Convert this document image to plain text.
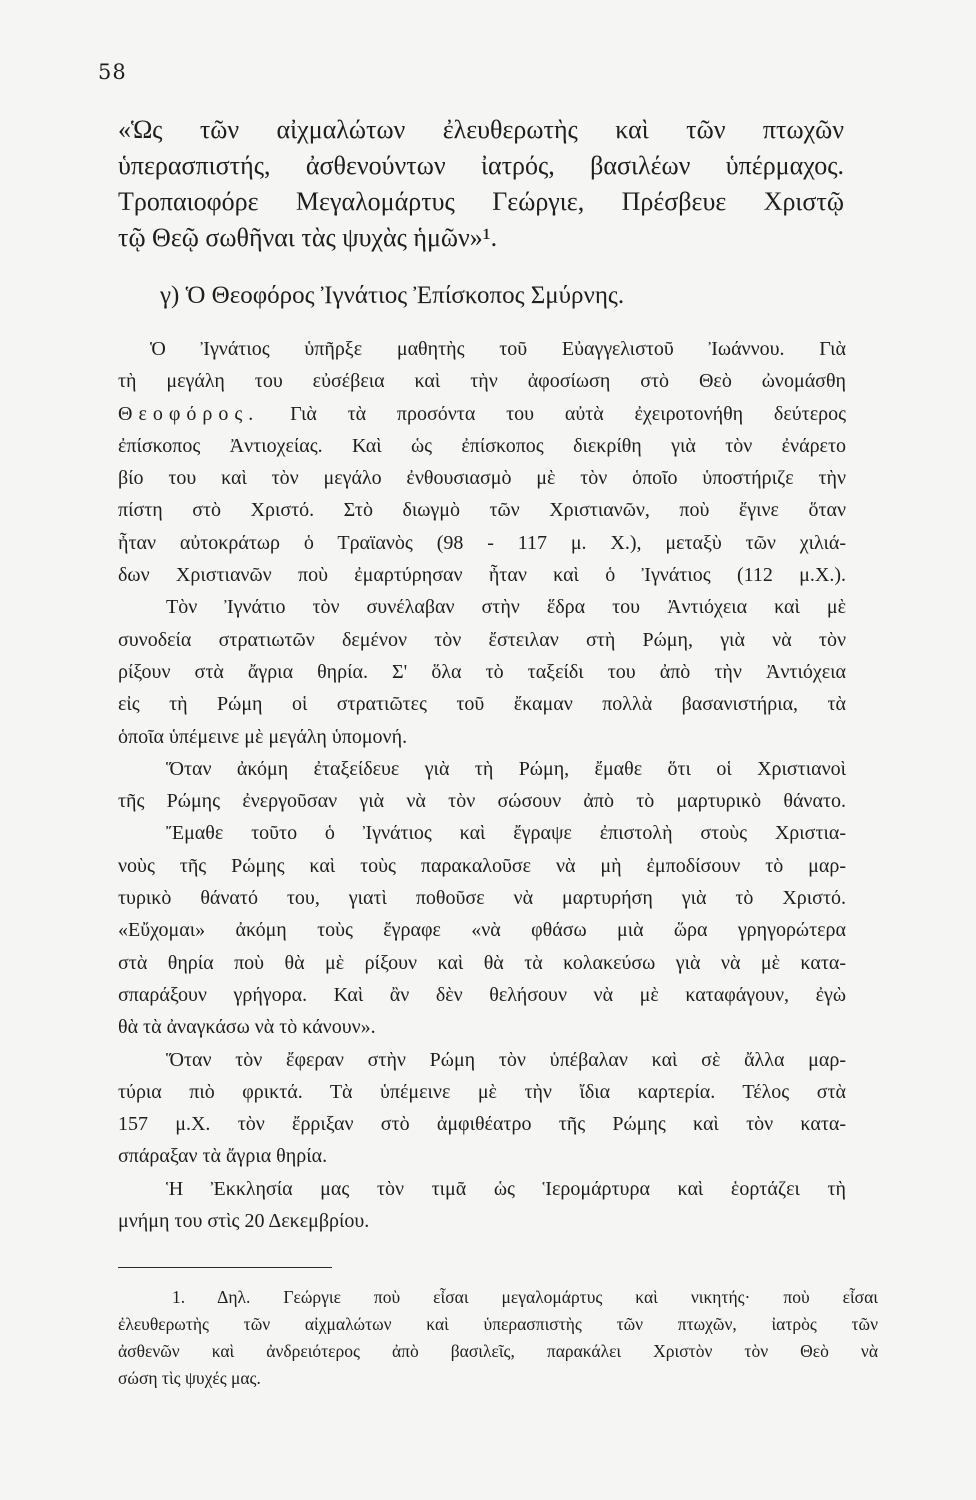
58
«Ὡς τῶν αἰχμαλώτων ἐλευθερωτὴς καὶ τῶν πτωχῶν
ὑπερασπιστής, ἀσθενούντων ἰατρός, βασιλέων ὑπέρμαχος.
Τροπαιοφόρε Μεγαλομάρτυς Γεώργιε, Πρέσβευε Χριστῷ
τῷ Θεῷ σωθῆναι τὰς ψυχὰς ἡμῶν»¹.
γ) Ὁ Θεοφόρος Ἰγνάτιος Ἐπίσκοπος Σμύρνης.
Ὁ Ἰγνάτιος ὑπῆρξε μαθητὴς τοῦ Εὐαγγελιστοῦ Ἰωάννου. Γιὰ
τὴ μεγάλη του εὐσέβεια καὶ τὴν ἀφοσίωση στὸ Θεὸ ὠνομάσθη
Θεοφόρος. Γιὰ τὰ προσόντα του αὐτὰ ἐχειροτονήθη δεύτερος
ἐπίσκοπος Ἀντιοχείας. Καὶ ὡς ἐπίσκοπος διεκρίθη γιὰ τὸν ἐνάρετο
βίο του καὶ τὸν μεγάλο ἐνθουσιασμὸ μὲ τὸν ὁποῖο ὑποστήριζε τὴν
πίστη στὸ Χριστό. Στὸ διωγμὸ τῶν Χριστιανῶν, ποὺ ἔγινε ὅταν
ἦταν αὐτοκράτωρ ὁ Τραϊανὸς (98 - 117 μ. Χ.), μεταξὺ τῶν χιλιά-
δων Χριστιανῶν ποὺ ἐμαρτύρησαν ἦταν καὶ ὁ Ἰγνάτιος (112 μ.Χ.).
Τὸν Ἰγνάτιο τὸν συνέλαβαν στὴν ἕδρα του Ἀντιόχεια καὶ μὲ
συνοδεία στρατιωτῶν δεμένον τὸν ἔστειλαν στὴ Ρώμη, γιὰ νὰ τὸν
ρίξουν στὰ ἄγρια θηρία. Σ' ὅλα τὸ ταξείδι του ἀπὸ τὴν Ἀντιόχεια
εἰς τὴ Ρώμη οἱ στρατιῶτες τοῦ ἔκαμαν πολλὰ βασανιστήρια, τὰ
ὁποῖα ὑπέμεινε μὲ μεγάλη ὑπομονή.
Ὅταν ἀκόμη ἐταξείδευε γιὰ τὴ Ρώμη, ἔμαθε ὅτι οἱ Χριστιανοὶ
τῆς Ρώμης ἐνεργοῦσαν γιὰ νὰ τὸν σώσουν ἀπὸ τὸ μαρτυρικὸ θάνατο.
Ἔμαθε τοῦτο ὁ Ἰγνάτιος καὶ ἔγραψε ἐπιστολὴ στοὺς Χριστια-
νοὺς τῆς Ρώμης καὶ τοὺς παρακαλοῦσε νὰ μὴ ἐμποδίσουν τὸ μαρ-
τυρικὸ θάνατό του, γιατὶ ποθοῦσε νὰ μαρτυρήση γιὰ τὸ Χριστό.
«Εὔχομαι» ἀκόμη τοὺς ἔγραφε «νὰ φθάσω μιὰ ὥρα γρηγορώτερα
στὰ θηρία ποὺ θὰ μὲ ρίξουν καὶ θὰ τὰ κολακεύσω γιὰ νὰ μὲ κατα-
σπαράξουν γρήγορα. Καὶ ἂν δὲν θελήσουν νὰ μὲ καταφάγουν, ἐγὼ
θὰ τὰ ἀναγκάσω νὰ τὸ κάνουν».
Ὅταν τὸν ἔφεραν στὴν Ρώμη τὸν ὑπέβαλαν καὶ σὲ ἄλλα μαρ-
τύρια πιὸ φρικτά. Τὰ ὑπέμεινε μὲ τὴν ἴδια καρτερία. Τέλος στὰ
157 μ.Χ. τὸν ἔρριξαν στὸ ἀμφιθέατρο τῆς Ρώμης καὶ τὸν κατα-
σπάραξαν τὰ ἄγρια θηρία.
Ἡ Ἐκκλησία μας τὸν τιμᾶ ὡς Ἱερομάρτυρα καὶ ἑορτάζει τὴ
μνήμη του στὶς 20 Δεκεμβρίου.
1. Δηλ. Γεώργιε ποὺ εἶσαι μεγαλομάρτυς καὶ νικητής· ποὺ εἶσαι
ἐλευθερωτὴς τῶν αἰχμαλώτων καὶ ὑπερασπιστὴς τῶν πτωχῶν, ἰατρὸς τῶν
ἀσθενῶν καὶ ἀνδρειότερος ἀπὸ βασιλεῖς, παρακάλει Χριστὸν τὸν Θεὸ νὰ
σώση τὶς ψυχές μας.
